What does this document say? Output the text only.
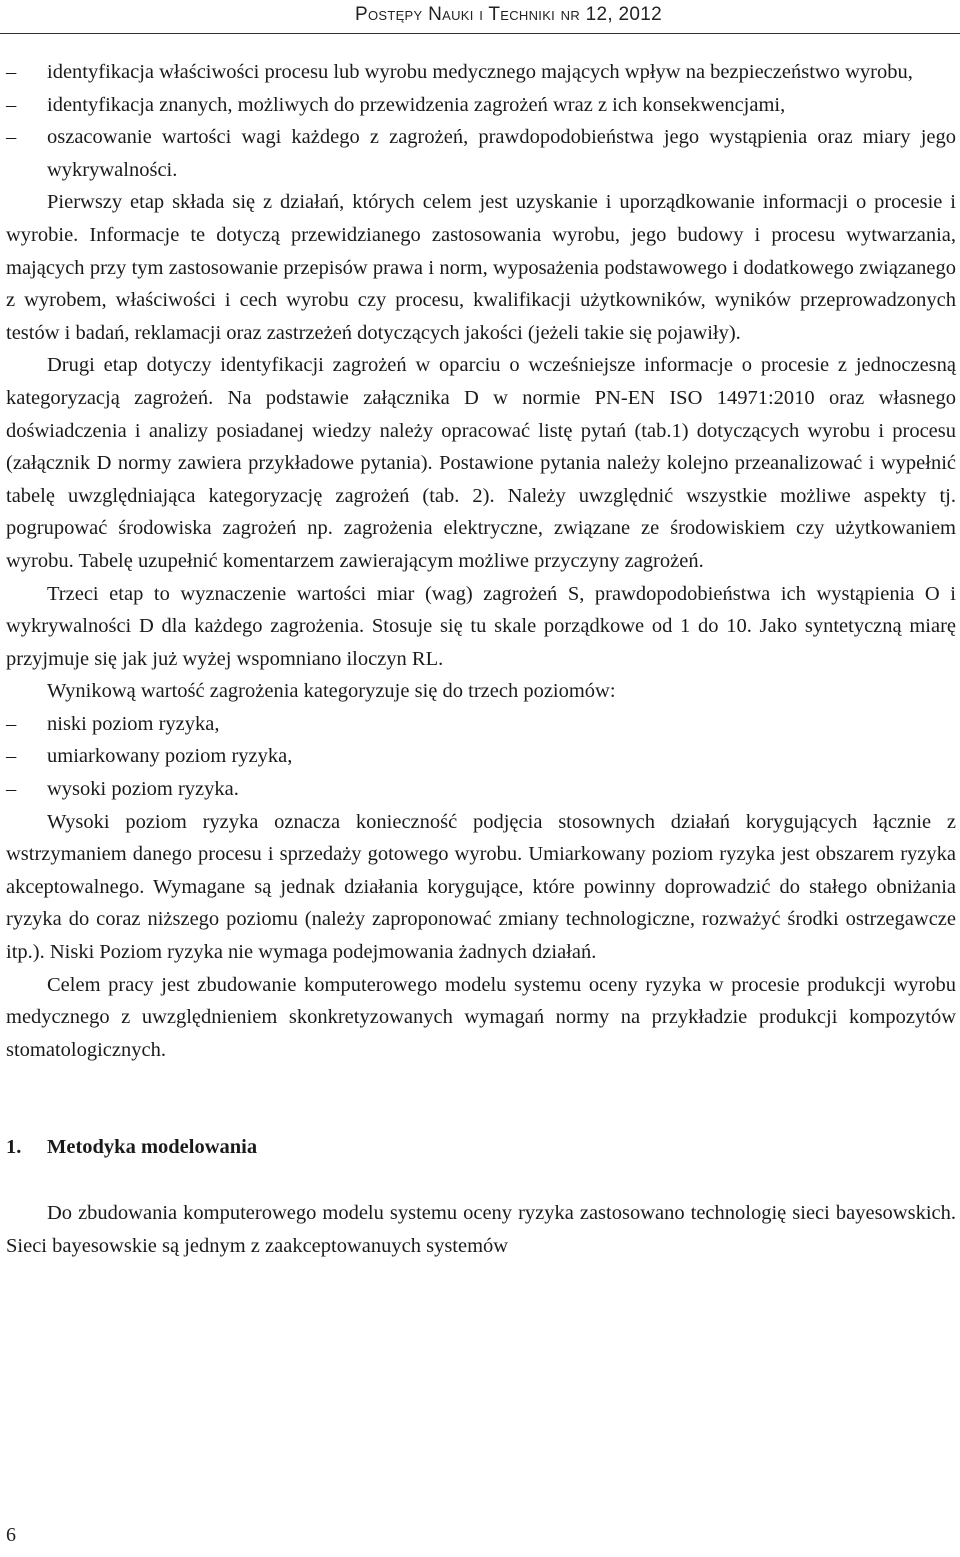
Postępy Nauki i Techniki nr 12, 2012

–	identyfikacja właściwości procesu lub wyrobu medycznego mających wpływ na bezpieczeństwo wyrobu,

–	identyfikacja znanych, możliwych do przewidzenia zagrożeń wraz z ich konsekwencjami,

–	oszacowanie wartości wagi każdego z zagrożeń, prawdopodobieństwa jego wystąpienia oraz miary jego wykrywalności.

Pierwszy etap składa się z działań, których celem jest uzyskanie i uporządkowanie informacji o procesie i wyrobie. Informacje te dotyczą przewidzianego zastosowania wyrobu, jego budowy i procesu wytwarzania, mających przy tym zastosowanie przepisów prawa i norm, wyposażenia podstawowego i dodatkowego związanego z wyrobem, właściwości i cech wyrobu czy procesu, kwalifikacji użytkowników, wyników przeprowadzonych testów i badań, reklamacji oraz zastrzeżeń dotyczących jakości (jeżeli takie się pojawiły).

Drugi etap dotyczy identyfikacji zagrożeń w oparciu o wcześniejsze informacje o procesie z jednoczesną kategoryzacją zagrożeń. Na podstawie załącznika D w normie PN-EN ISO 14971:2010 oraz własnego doświadczenia i analizy posiadanej wiedzy należy opracować listę pytań (tab.1) dotyczących wyrobu i procesu (załącznik D normy zawiera przykładowe pytania). Postawione pytania należy kolejno przeanalizować i wypełnić tabelę uwzględniająca kategoryzację zagrożeń (tab. 2). Należy uwzględnić wszystkie możliwe aspekty tj. pogrupować środowiska zagrożeń np. zagrożenia elektryczne, związane ze środowiskiem czy użytkowaniem wyrobu. Tabelę uzupełnić komentarzem zawierającym możliwe przyczyny zagrożeń.

Trzeci etap to wyznaczenie wartości miar (wag) zagrożeń S, prawdopodobieństwa ich wystąpienia O i wykrywalności D dla każdego zagrożenia. Stosuje się tu skale porządkowe od 1 do 10. Jako syntetyczną miarę przyjmuje się jak już wyżej wspomniano iloczyn RL.

Wynikową wartość zagrożenia kategoryzuje się do trzech poziomów:

–	niski poziom ryzyka,

–	umiarkowany poziom ryzyka,

–	wysoki poziom ryzyka.

Wysoki poziom ryzyka oznacza konieczność podjęcia stosownych działań korygujących łącznie z wstrzymaniem danego procesu i sprzedaży gotowego wyrobu. Umiarkowany poziom ryzyka jest obszarem ryzyka akceptowalnego. Wymagane są jednak działania korygujące, które powinny doprowadzić do stałego obniżania ryzyka do coraz niższego poziomu (należy zaproponować zmiany technologiczne, rozważyć środki ostrzegawcze itp.). Niski Poziom ryzyka nie wymaga podejmowania żadnych działań.

Celem pracy jest zbudowanie komputerowego modelu systemu oceny ryzyka w procesie produkcji wyrobu medycznego z uwzględnieniem skonkretyzowanych wymagań normy na przykładzie produkcji kompozytów stomatologicznych.

1. Metodyka modelowania

Do zbudowania komputerowego modelu systemu oceny ryzyka zastosowano technologię sieci bayesowskich. Sieci bayesowskie są jednym z zaakceptowanuych systemów

6
